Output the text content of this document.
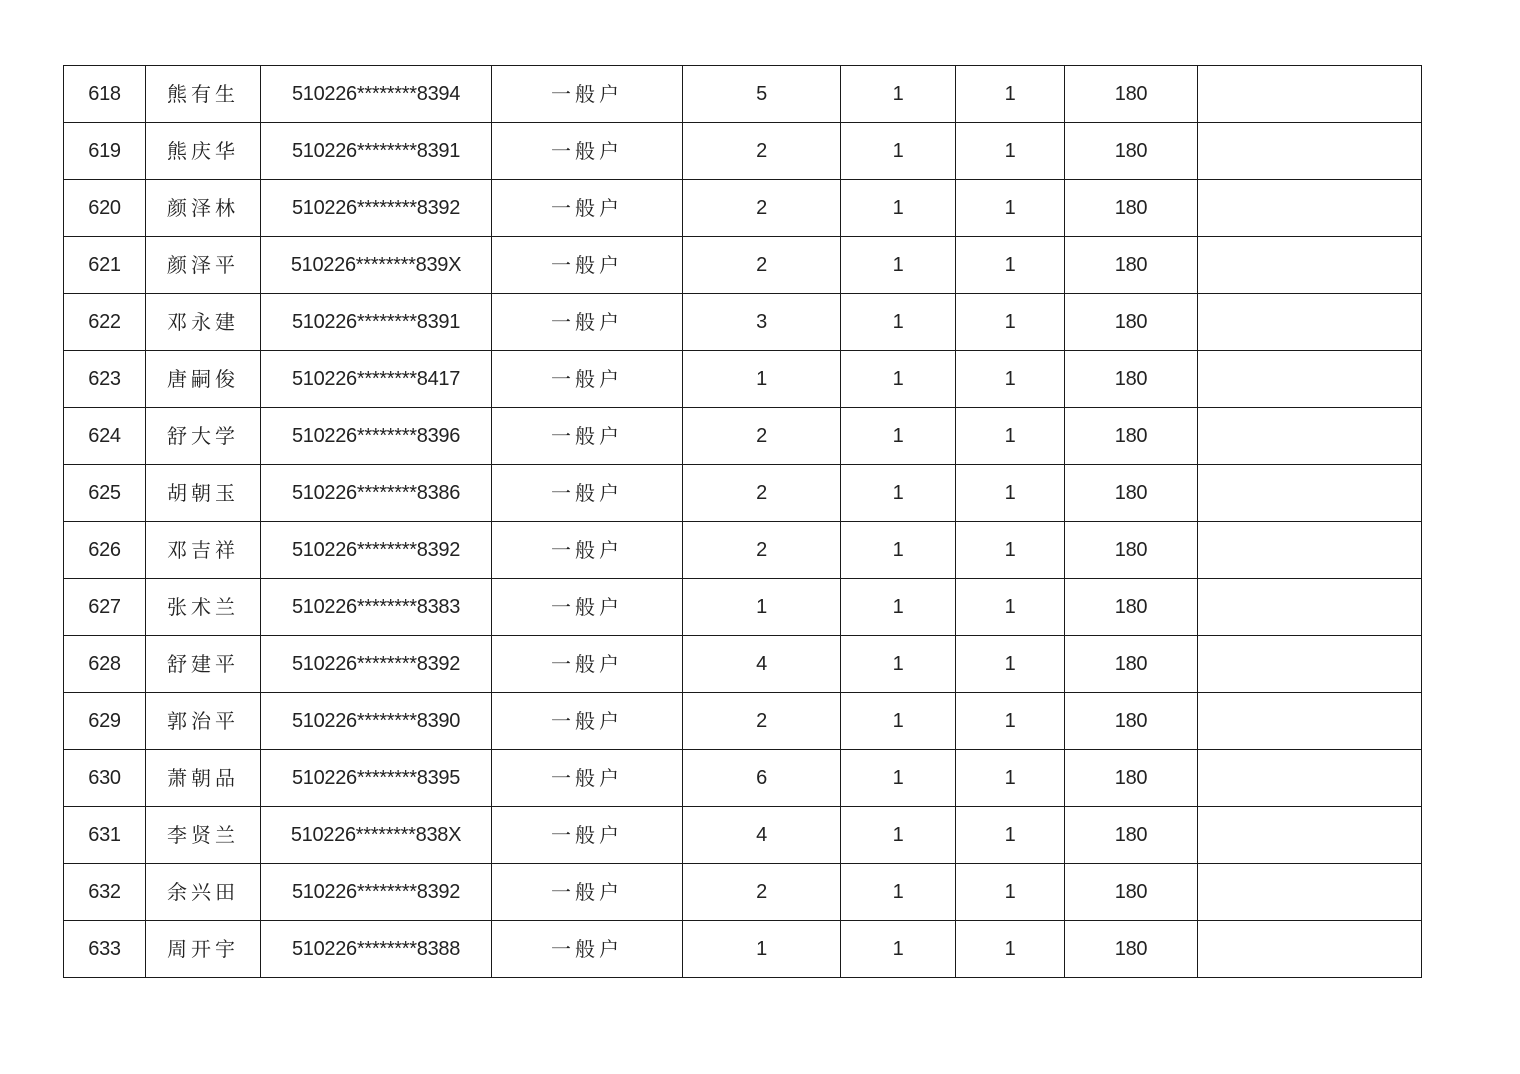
618	熊有生	510226********8394	一般户	5	1	1	180	
619	熊庆华	510226********8391	一般户	2	1	1	180	
620	颜泽林	510226********8392	一般户	2	1	1	180	
621	颜泽平	510226********839X	一般户	2	1	1	180	
622	邓永建	510226********8391	一般户	3	1	1	180	
623	唐嗣俊	510226********8417	一般户	1	1	1	180	
624	舒大学	510226********8396	一般户	2	1	1	180	
625	胡朝玉	510226********8386	一般户	2	1	1	180	
626	邓吉祥	510226********8392	一般户	2	1	1	180	
627	张术兰	510226********8383	一般户	1	1	1	180	
628	舒建平	510226********8392	一般户	4	1	1	180	
629	郭治平	510226********8390	一般户	2	1	1	180	
630	萧朝品	510226********8395	一般户	6	1	1	180	
631	李贤兰	510226********838X	一般户	4	1	1	180	
632	余兴田	510226********8392	一般户	2	1	1	180	
633	周开宇	510226********8388	一般户	1	1	1	180	
